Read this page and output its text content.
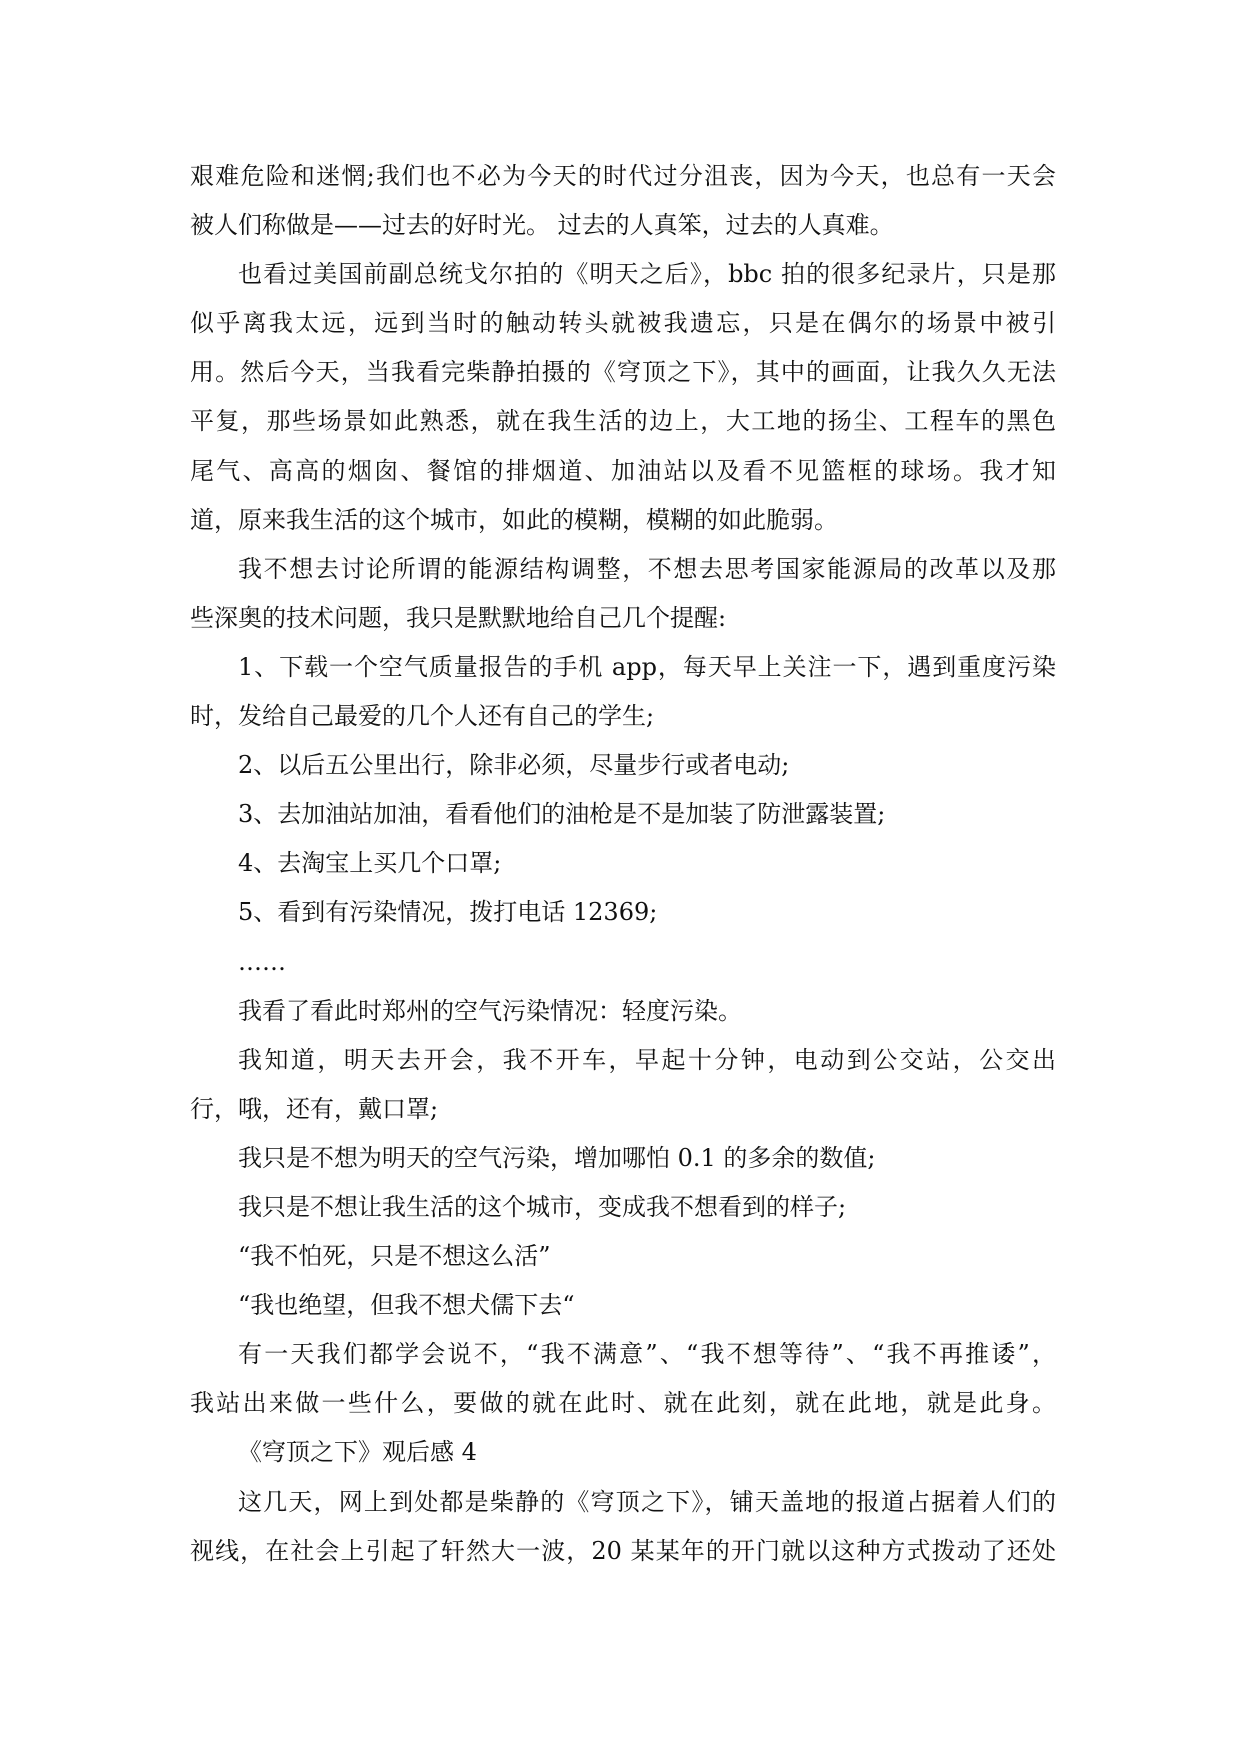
艰难危险和迷惘;我们也不必为今天的时代过分沮丧，因为今天，也总有一天会
被人们称做是——过去的好时光。 过去的人真笨，过去的人真难。
也看过美国前副总统戈尔拍的《明天之后》，bbc 拍的很多纪录片，只是那
似乎离我太远，远到当时的触动转头就被我遗忘，只是在偶尔的场景中被引
用。然后今天，当我看完柴静拍摄的《穹顶之下》，其中的画面，让我久久无法
平复，那些场景如此熟悉，就在我生活的边上，大工地的扬尘、工程车的黑色
尾气、高高的烟囱、餐馆的排烟道、加油站以及看不见篮框的球场。我才知
道，原来我生活的这个城市，如此的模糊，模糊的如此脆弱。
我不想去讨论所谓的能源结构调整，不想去思考国家能源局的改革以及那
些深奥的技术问题，我只是默默地给自己几个提醒:
1、下载一个空气质量报告的手机 app，每天早上关注一下，遇到重度污染
时，发给自己最爱的几个人还有自己的学生;
2、以后五公里出行，除非必须，尽量步行或者电动;
3、去加油站加油，看看他们的油枪是不是加装了防泄露装置;
4、去淘宝上买几个口罩;
5、看到有污染情况，拨打电话 12369;
……
我看了看此时郑州的空气污染情况：轻度污染。
我知道，明天去开会，我不开车，早起十分钟，电动到公交站，公交出
行，哦，还有，戴口罩;
我只是不想为明天的空气污染，增加哪怕 0.1 的多余的数值;
我只是不想让我生活的这个城市，变成我不想看到的样子;
“我不怕死，只是不想这么活”
“我也绝望，但我不想犬儒下去“
有一天我们都学会说不，“我不满意”、“我不想等待”、“我不再推诿”，
我站出来做一些什么，要做的就在此时、就在此刻，就在此地，就是此身。
《穹顶之下》观后感 4
这几天，网上到处都是柴静的《穹顶之下》，铺天盖地的报道占据着人们的
视线，在社会上引起了轩然大一波，20 某某年的开门就以这种方式拨动了还处
